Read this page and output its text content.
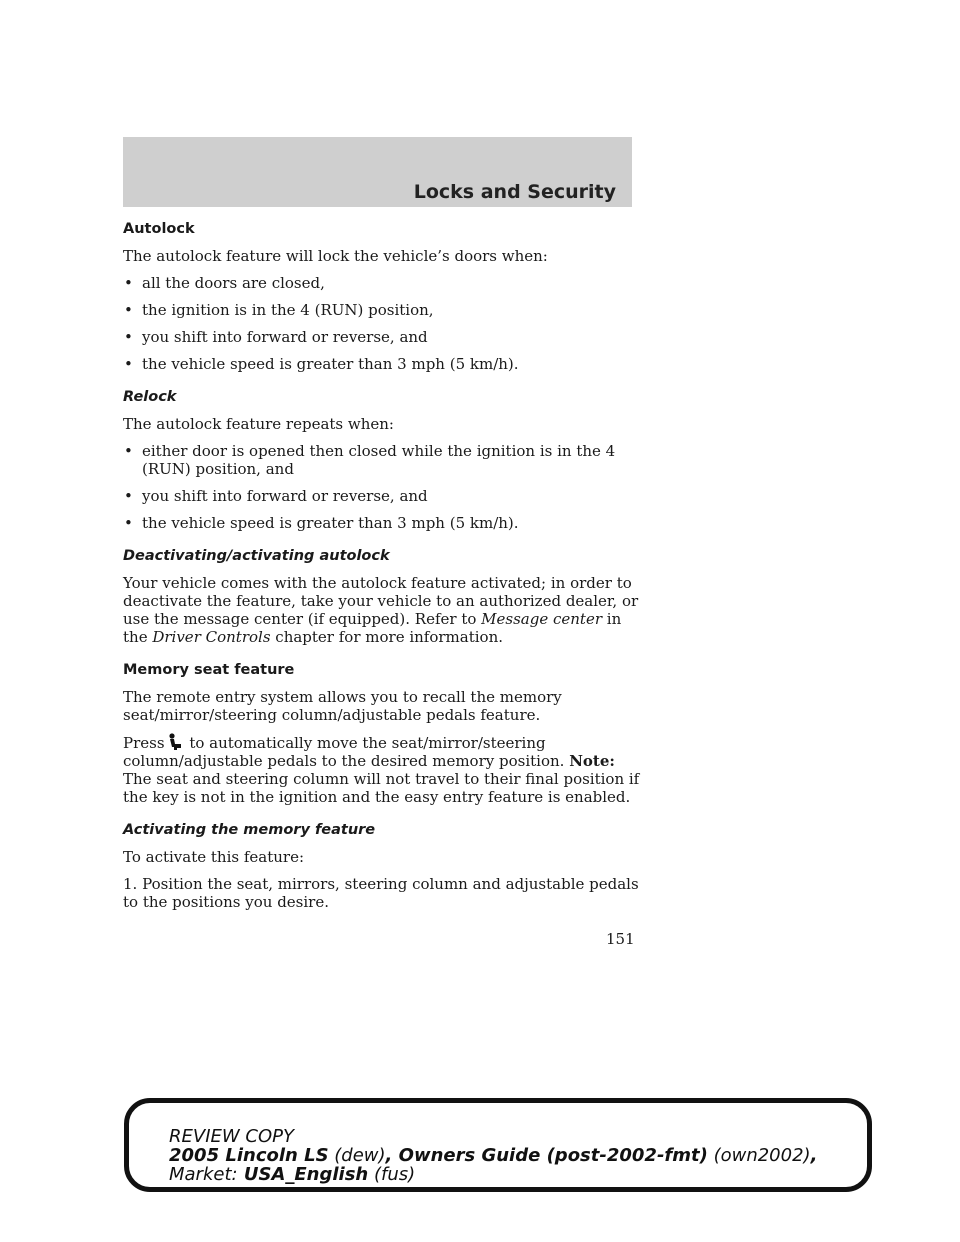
Locks and Security
Autolock

The autolock feature will lock the vehicle’s doors when:

• all the doors are closed,
• the ignition is in the 4 (RUN) position,
• you shift into forward or reverse, and
• the vehicle speed is greater than 3 mph (5 km/h).
Relock

The autolock feature repeats when:

• either door is opened then closed while the ignition is in the 4 (RUN) position, and
• you shift into forward or reverse, and
• the vehicle speed is greater than 3 mph (5 km/h).
Deactivating/activating autolock

Your vehicle comes with the autolock feature activated; in order to deactivate the feature, take your vehicle to an authorized dealer, or use the message center (if equipped). Refer to Message center in the Driver Controls chapter for more information.

Memory seat feature

The remote entry system allows you to recall the memory seat/mirror/steering column/adjustable pedals feature.

Press to automatically move the seat/mirror/steering column/adjustable pedals to the desired memory position. Note: The seat and steering column will not travel to their final position if the key is not in the ignition and the easy entry feature is enabled.

Activating the memory feature

To activate this feature:

1. Position the seat, mirrors, steering column and adjustable pedals to the positions you desire.

151
REVIEW COPY
2005 Lincoln LS (dew), Owners Guide (post-2002-fmt) (own2002),
Market: USA_English (fus)
